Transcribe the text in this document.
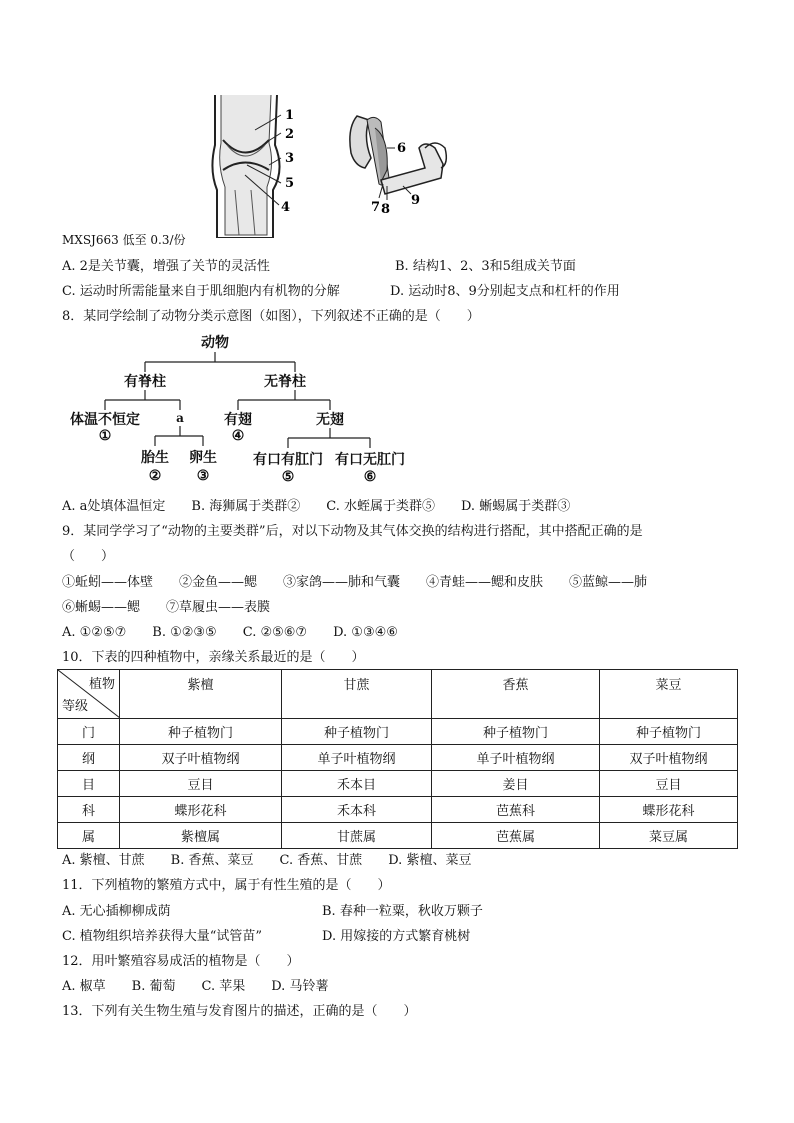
1
2
3
5
4
6
7 8
9
MXSJ663 低至 0.3/份
A. 2是关节囊，增强了关节的灵活性	B. 结构1、2、3和5组成关节面
C. 运动时所需能量来自于肌细胞内有机物的分解	D. 运动时8、9分别起支点和杠杆的作用
8．某同学绘制了动物分类示意图（如图），下列叙述不正确的是（　　）
动物
有脊柱	无脊柱
体温不恒定
①
a	有翅
④
无翅
胎生
②
卵生
③
有口有肛门
⑤
有口无肛门
⑥
A. a处填体温恒定　　B. 海狮属于类群②　　C. 水蛭属于类群⑤　　D. 蜥蜴属于类群③
9．某同学学习了“动物的主要类群”后，对以下动物及其气体交换的结构进行搭配，其中搭配正确的是
（　　）
①蚯蚓——体壁　　②金鱼——鳃　　③家鸽——肺和气囊　　④青蛙——鳃和皮肤　　⑤蓝鲸——肺
⑥蜥蜴——鳃　　⑦草履虫——表膜
A. ①②⑤⑦　　B. ①②③⑤　　C. ②⑤⑥⑦　　D. ①③④⑥
10．下表的四种植物中，亲缘关系最近的是（　　）
植物
等级	紫檀	甘蔗	香蕉	菜豆
门	种子植物门	种子植物门	种子植物门	种子植物门
纲	双子叶植物纲	单子叶植物纲	单子叶植物纲	双子叶植物纲
目	豆目	禾本目	姜目	豆目
科	蝶形花科	禾本科	芭蕉科	蝶形花科
属	紫檀属	甘蔗属	芭蕉属	菜豆属
A. 紫檀、甘蔗　　B. 香蕉、菜豆　　C. 香蕉、甘蔗　　D. 紫檀、菜豆
11．下列植物的繁殖方式中，属于有性生殖的是（　　）
A. 无心插柳柳成荫	B. 春种一粒粟，秋收万颗子
C. 植物组织培养获得大量“试管苗”	D. 用嫁接的方式繁育桃树
12．用叶繁殖容易成活的植物是（　　）
A. 椒草　　B. 葡萄　　C. 苹果　　D. 马铃薯
13．下列有关生物生殖与发育图片的描述，正确的是（　　）
